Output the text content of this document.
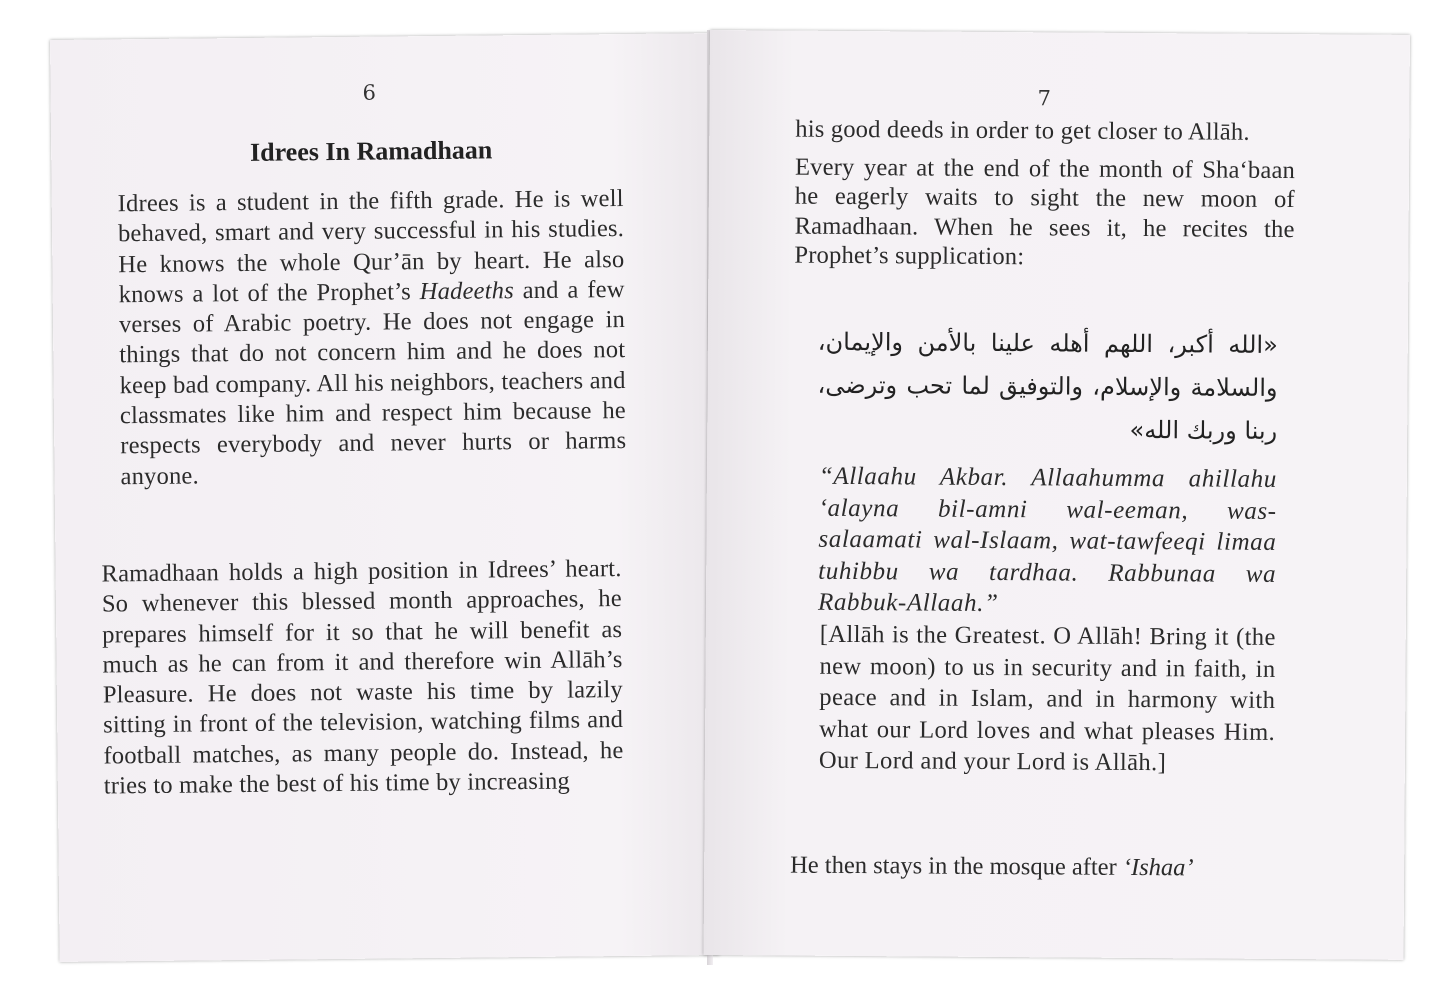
6
Idrees In Ramadhaan
Idrees is a student in the fifth grade. He is well behaved, smart and very successful in his studies. He knows the whole Qur’ān by heart. He also knows a lot of the Prophet’s Hadeeths and a few verses of Arabic poetry. He does not engage in things that do not concern him and he does not keep bad company. All his neighbors, teachers and classmates like him and respect him because he respects everybody and never hurts or harms anyone.
Ramadhaan holds a high position in Idrees’ heart. So whenever this blessed month approaches, he prepares himself for it so that he will benefit as much as he can from it and therefore win Allāh’s Pleasure. He does not waste his time by lazily sitting in front of the television, watching films and football matches, as many people do. Instead, he tries to make the best of his time by increasing
7

his good deeds in order to get closer to Allāh.

Every year at the end of the month of Sha‘baan he eagerly waits to sight the new moon of Ramadhaan. When he sees it, he recites the Prophet’s supplication:

«الله أكبر، اللهم أهله علينا بالأمن والإيمان، والسلامة والإسلام، والتوفيق لما تحب وترضى، ربنا وربك الله»
“Allaahu Akbar. Allaahumma ahillahu ‘alayna bil-amni wal-eeman, was-salaamati wal-Islaam, wat-tawfeeqi limaa tuhibbu wa tardhaa. Rabbunaa wa Rabbuk-Allaah.”
[Allāh is the Greatest. O Allāh! Bring it (the new moon) to us in security and in faith, in peace and in Islam, and in harmony with what our Lord loves and what pleases Him. Our Lord and your Lord is Allāh.]
He then stays in the mosque after ‘Ishaa’
